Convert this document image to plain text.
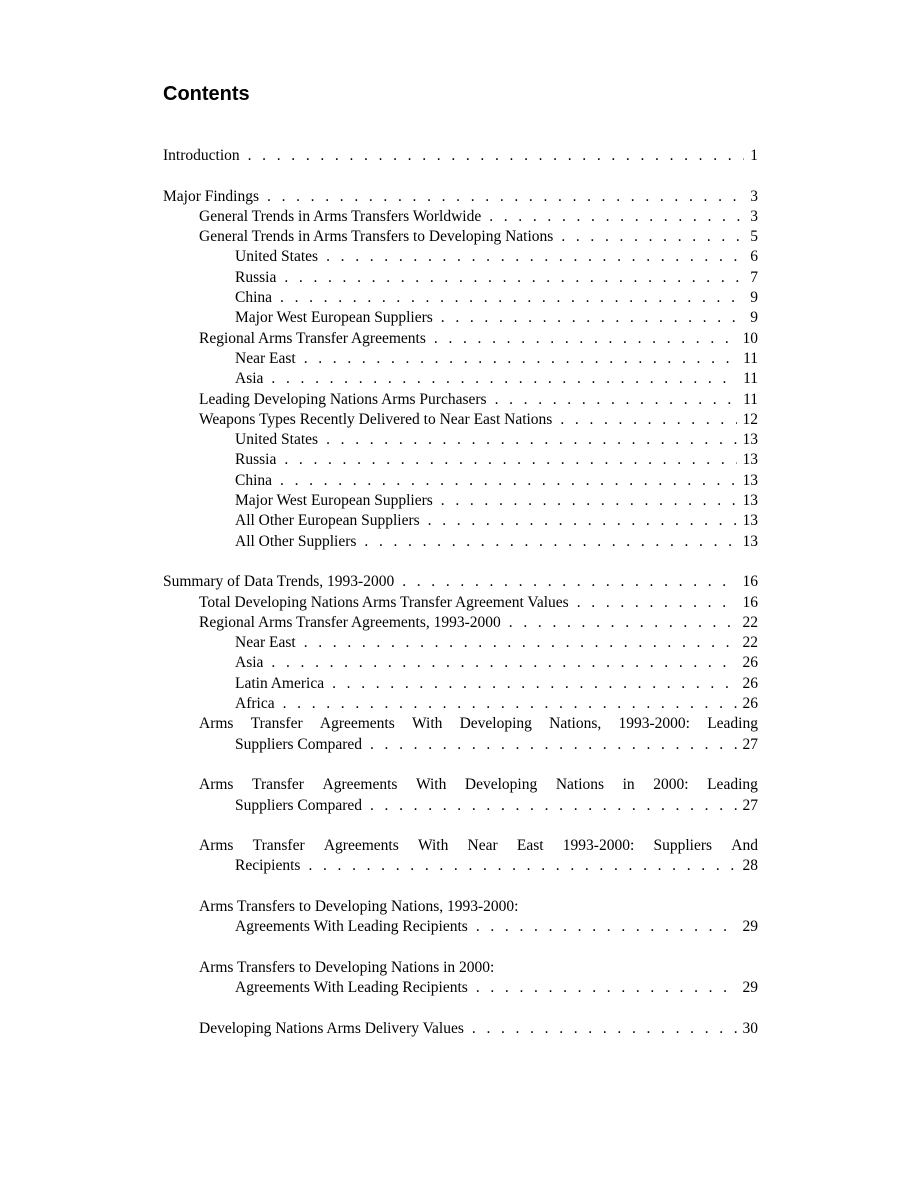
Contents
Introduction . . .	1
Major Findings . . .	3
General Trends in Arms Transfers Worldwide . . .	3
General Trends in Arms Transfers to Developing Nations . . .	5
United States . . .	6
Russia . . .	7
China . . .	9
Major West European Suppliers . . .	9
Regional Arms Transfer Agreements . . .	10
Near East . . .	11
Asia . . .	11
Leading Developing Nations Arms Purchasers . . .	11
Weapons Types Recently Delivered to Near East Nations . . .	12
United States . . .	13
Russia . . .	13
China . . .	13
Major West European Suppliers . . .	13
All Other European Suppliers . . .	13
All Other Suppliers . . .	13
Summary of Data Trends, 1993-2000 . . .	16
Total Developing Nations Arms Transfer Agreement Values . . .	16
Regional Arms Transfer Agreements, 1993-2000 . . .	22
Near East . . .	22
Asia . . .	26
Latin America . . .	26
Africa . . .	26
Arms Transfer Agreements With Developing Nations, 1993-2000: Leading
Suppliers Compared . . .	27
Arms Transfer Agreements With Developing Nations in 2000: Leading
Suppliers Compared . . .	27
Arms Transfer Agreements With Near East 1993-2000: Suppliers And
Recipients . . .	28
Arms Transfers to Developing Nations, 1993-2000:
Agreements With Leading Recipients . . .	29
Arms Transfers to Developing Nations in 2000:
Agreements With Leading Recipients . . .	29
Developing Nations Arms Delivery Values . . .	30
